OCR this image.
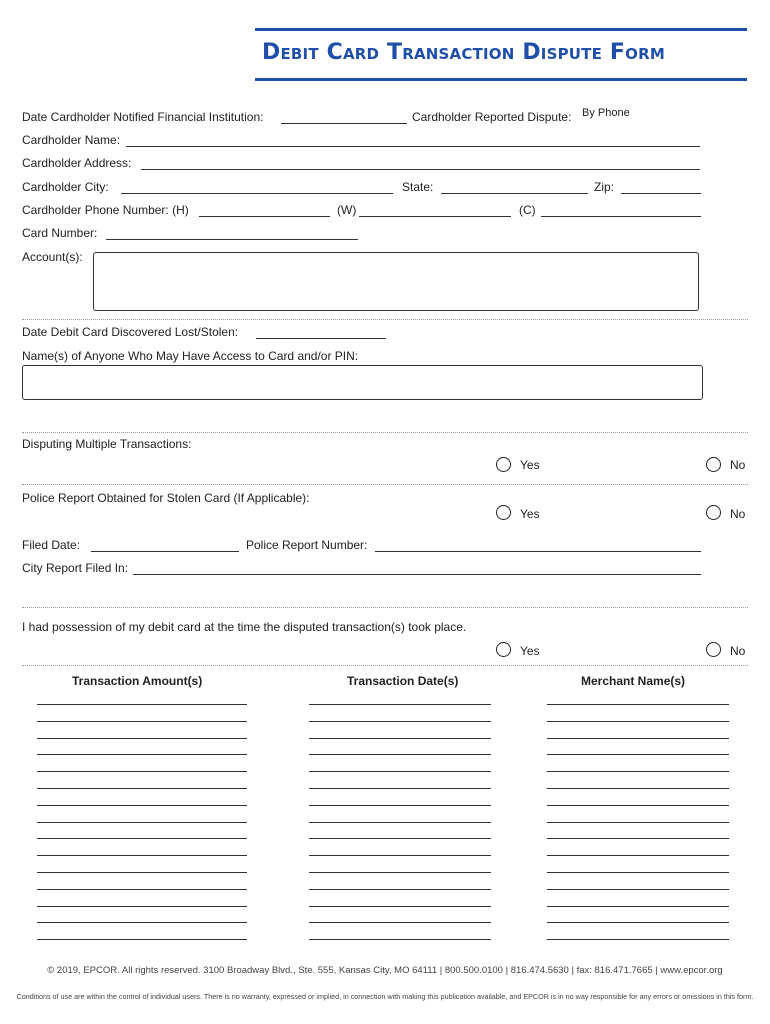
Debit Card Transaction Dispute Form
Date Cardholder Notified Financial Institution:	Cardholder Reported Dispute: By Phone
Cardholder Name:
Cardholder Address:
Cardholder City:	State:	Zip:
Cardholder Phone Number: (H)	(W)	(C)
Card Number:
Account(s):
Date Debit Card Discovered Lost/Stolen:
Name(s) of Anyone Who May Have Access to Card and/or PIN:
Disputing Multiple Transactions:
Yes	No
Police Report Obtained for Stolen Card (If Applicable):
Yes	No
Filed Date:	Police Report Number:
City Report Filed In:
I had possession of my debit card at the time the disputed transaction(s) took place.
Yes	No
Transaction Amount(s)	Transaction Date(s)	Merchant Name(s)
© 2019, EPCOR. All rights reserved. 3100 Broadway Blvd., Ste. 555, Kansas City, MO 64111 | 800.500.0100 | 816.474.5630 | fax: 816.471.7665 | www.epcor.org
Conditions of use are within the control of individual users. There is no warranty, expressed or implied, in connection with making this publication available, and EPCOR is in no way responsible for any errors or omissions in this form.
